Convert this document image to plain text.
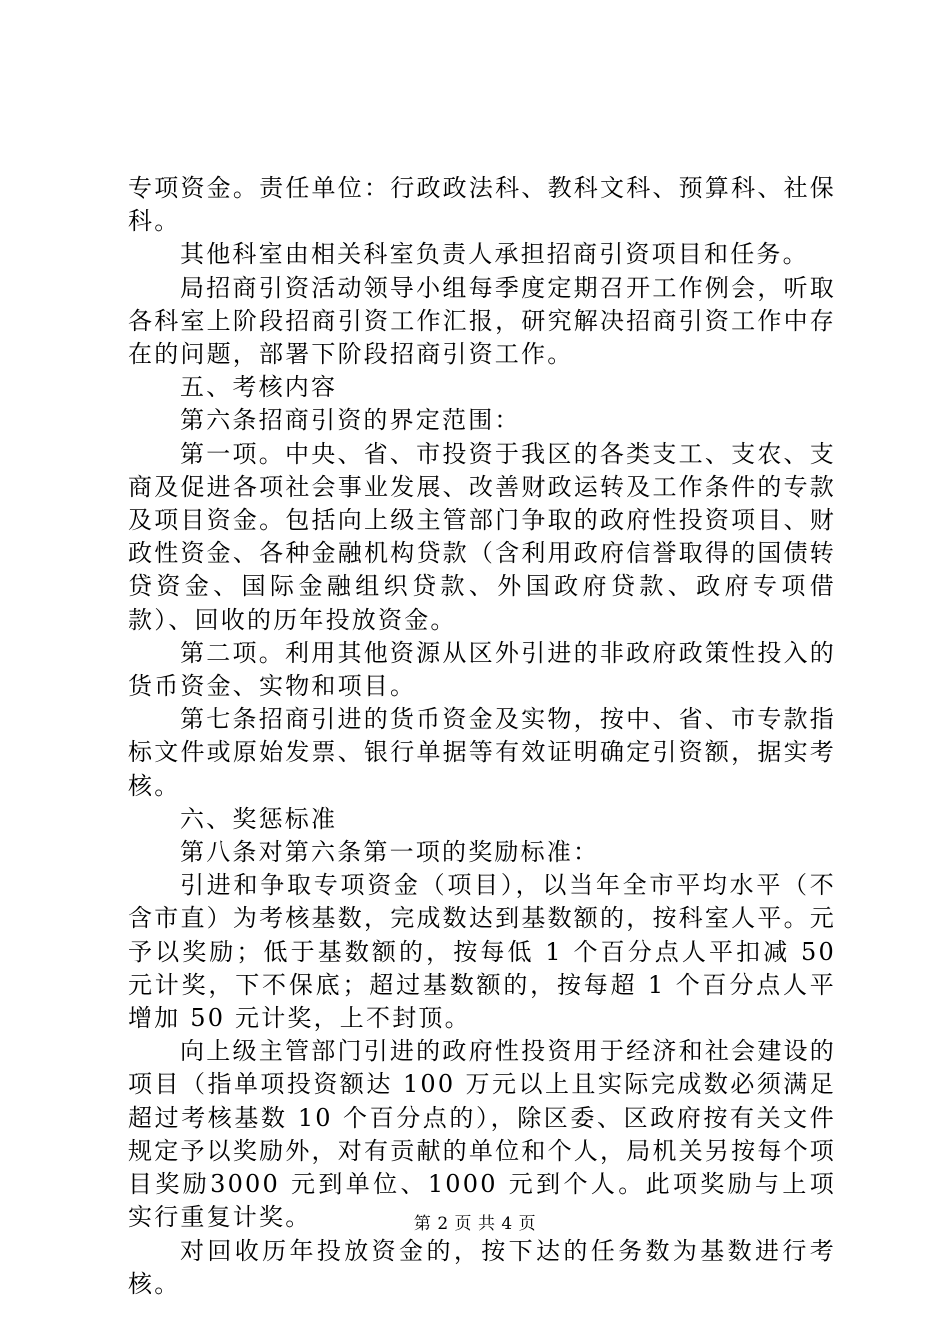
专项资金。责任单位：行政政法科、教科文科、预算科、社保科。

其他科室由相关科室负责人承担招商引资项目和任务。

局招商引资活动领导小组每季度定期召开工作例会，听取各科室上阶段招商引资工作汇报，研究解决招商引资工作中存在的问题，部署下阶段招商引资工作。

五、考核内容

第六条招商引资的界定范围：

第一项。中央、省、市投资于我区的各类支工、支农、支商及促进各项社会事业发展、改善财政运转及工作条件的专款及项目资金。包括向上级主管部门争取的政府性投资项目、财政性资金、各种金融机构贷款（含利用政府信誉取得的国债转贷资金、国际金融组织贷款、外国政府贷款、政府专项借款）、回收的历年投放资金。

第二项。利用其他资源从区外引进的非政府政策性投入的货币资金、实物和项目。

第七条招商引进的货币资金及实物，按中、省、市专款指标文件或原始发票、银行单据等有效证明确定引资额，据实考核。

六、奖惩标准

第八条对第六条第一项的奖励标准：

引进和争取专项资金（项目），以当年全市平均水平（不含市直）为考核基数，完成数达到基数额的，按科室人平。元予以奖励；低于基数额的，按每低 1 个百分点人平扣减 50 元计奖，下不保底；超过基数额的，按每超 1 个百分点人平增加 50 元计奖，上不封顶。

向上级主管部门引进的政府性投资用于经济和社会建设的项目（指单项投资额达 100 万元以上且实际完成数必须满足超过考核基数 10 个百分点的），除区委、区政府按有关文件规定予以奖励外，对有贡献的单位和个人，局机关另按每个项目奖励3000 元到单位、1000 元到个人。此项奖励与上项实行重复计奖。

对回收历年投放资金的，按下达的任务数为基数进行考核。

第 2 页 共 4 页
